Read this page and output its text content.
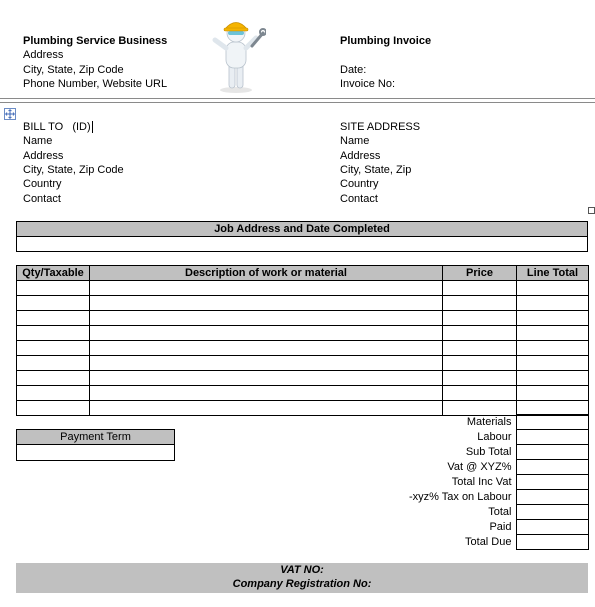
Plumbing Service Business
Address
City, State, Zip Code
Phone Number, Website URL
Plumbing Invoice
Date:
Invoice No:
BILL TO   (ID)
Name
Address
City, State, Zip Code
Country
Contact
SITE ADDRESS
Name
Address
City, State, Zip
Country
Contact
Job Address and Date Completed

Qty/Taxable	Description of work or material	Price	Line Total

Payment Term

Materials	
Labour	
Sub Total	
Vat @ XYZ%	
Total Inc Vat	
-xyz% Tax on Labour	
Total	
Paid	
Total Due	
VAT NO:
Company Registration No:
